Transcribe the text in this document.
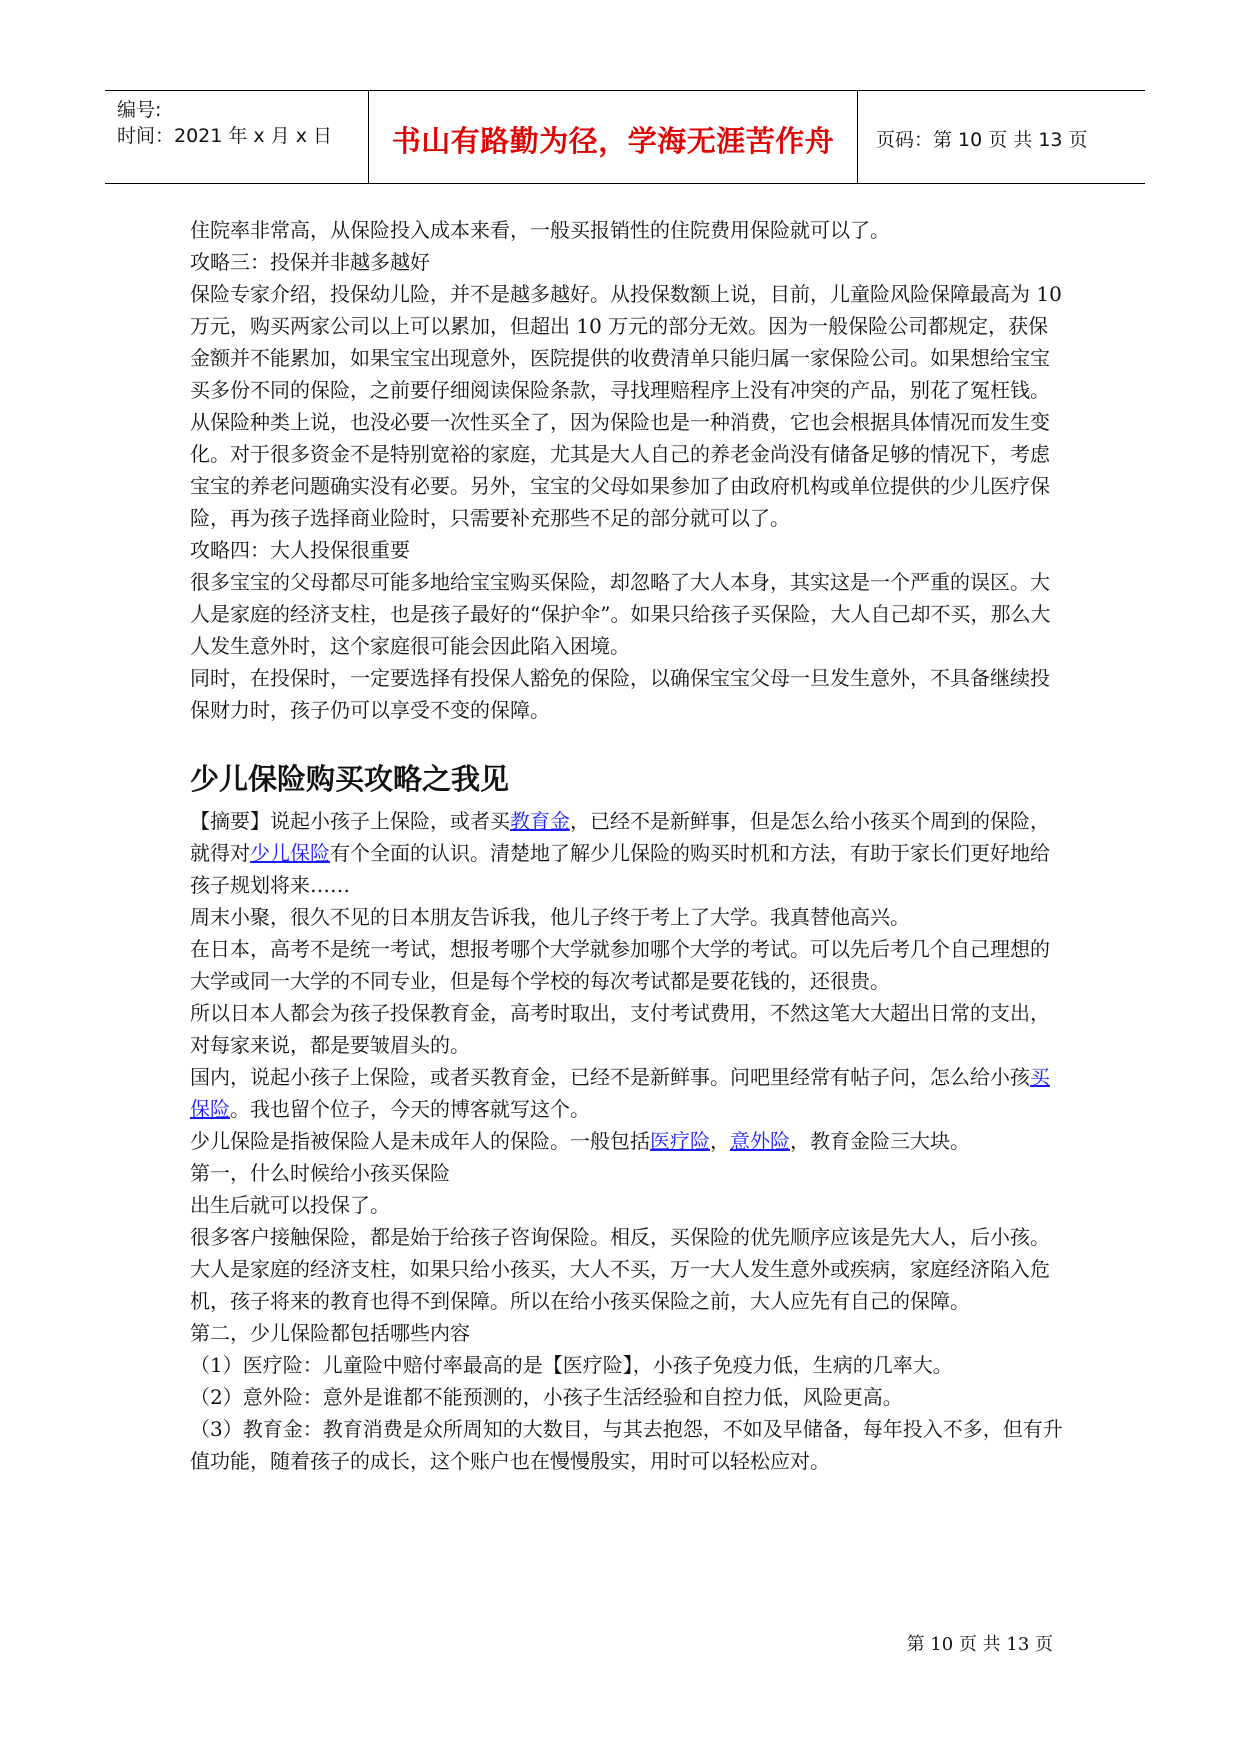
编号:
时间：2021 年 x 月 x 日	书山有路勤为径，学海无涯苦作舟	页码：第 10 页 共 13 页

住院率非常高，从保险投入成本来看，一般买报销性的住院费用保险就可以了。

攻略三：投保并非越多越好

保险专家介绍，投保幼儿险，并不是越多越好。从投保数额上说，目前，儿童险风险保障最高为 10 万元，购买两家公司以上可以累加，但超出 10 万元的部分无效。因为一般保险公司都规定，获保金额并不能累加，如果宝宝出现意外，医院提供的收费清单只能归属一家保险公司。如果想给宝宝买多份不同的保险，之前要仔细阅读保险条款，寻找理赔程序上没有冲突的产品，别花了冤枉钱。

从保险种类上说，也没必要一次性买全了，因为保险也是一种消费，它也会根据具体情况而发生变化。对于很多资金不是特别宽裕的家庭，尤其是大人自己的养老金尚没有储备足够的情况下，考虑宝宝的养老问题确实没有必要。另外，宝宝的父母如果参加了由政府机构或单位提供的少儿医疗保险，再为孩子选择商业险时，只需要补充那些不足的部分就可以了。

攻略四：大人投保很重要

很多宝宝的父母都尽可能多地给宝宝购买保险，却忽略了大人本身，其实这是一个严重的误区。大人是家庭的经济支柱，也是孩子最好的“保护伞”。如果只给孩子买保险，大人自己却不买，那么大人发生意外时，这个家庭很可能会因此陷入困境。

同时，在投保时，一定要选择有投保人豁免的保险，以确保宝宝父母一旦发生意外，不具备继续投保财力时，孩子仍可以享受不变的保障。

少儿保险购买攻略之我见

【摘要】说起小孩子上保险，或者买教育金，已经不是新鲜事，但是怎么给小孩买个周到的保险，就得对少儿保险有个全面的认识。清楚地了解少儿保险的购买时机和方法，有助于家长们更好地给孩子规划将来……

周末小聚，很久不见的日本朋友告诉我，他儿子终于考上了大学。我真替他高兴。

在日本，高考不是统一考试，想报考哪个大学就参加哪个大学的考试。可以先后考几个自己理想的大学或同一大学的不同专业，但是每个学校的每次考试都是要花钱的，还很贵。

所以日本人都会为孩子投保教育金，高考时取出，支付考试费用，不然这笔大大超出日常的支出，对每家来说，都是要皱眉头的。

国内，说起小孩子上保险，或者买教育金，已经不是新鲜事。问吧里经常有帖子问，怎么给小孩买保险。我也留个位子，今天的博客就写这个。

少儿保险是指被保险人是未成年人的保险。一般包括医疗险，意外险，教育金险三大块。

第一，什么时候给小孩买保险

出生后就可以投保了。

很多客户接触保险，都是始于给孩子咨询保险。相反，买保险的优先顺序应该是先大人，后小孩。大人是家庭的经济支柱，如果只给小孩买，大人不买，万一大人发生意外或疾病，家庭经济陷入危机，孩子将来的教育也得不到保障。所以在给小孩买保险之前，大人应先有自己的保障。

第二，少儿保险都包括哪些内容

（1）医疗险：儿童险中赔付率最高的是【医疗险】，小孩子免疫力低，生病的几率大。

（2）意外险：意外是谁都不能预测的，小孩子生活经验和自控力低，风险更高。

（3）教育金：教育消费是众所周知的大数目，与其去抱怨，不如及早储备，每年投入不多，但有升值功能，随着孩子的成长，这个账户也在慢慢殷实，用时可以轻松应对。

第 10 页 共 13 页
